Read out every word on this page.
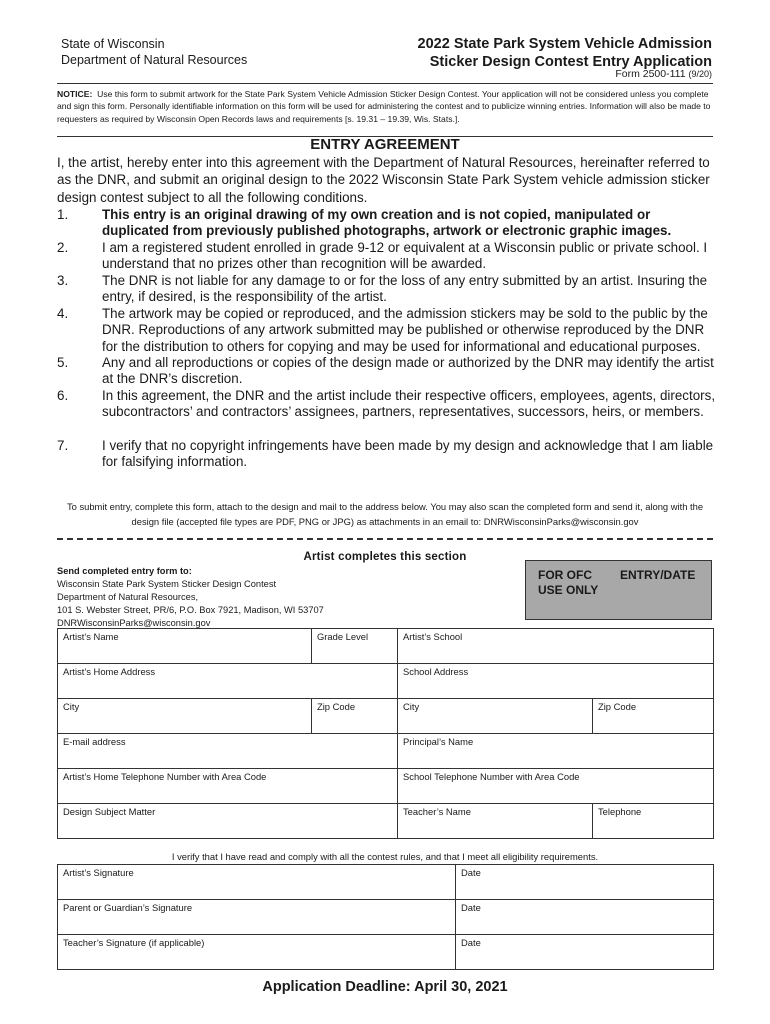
State of Wisconsin
Department of Natural Resources
2022 State Park System Vehicle Admission
Sticker Design Contest Entry Application
Form 2500-111 (9/20)
NOTICE: Use this form to submit artwork for the State Park System Vehicle Admission Sticker Design Contest. Your application will not be considered unless you complete and sign this form. Personally identifiable information on this form will be used for administering the contest and to publicize winning entries. Information will also be made to requesters as required by Wisconsin Open Records laws and requirements [s. 19.31 – 19.39, Wis. Stats.].
ENTRY AGREEMENT
I, the artist, hereby enter into this agreement with the Department of Natural Resources, hereinafter referred to as the DNR, and submit an original design to the 2022 Wisconsin State Park System vehicle admission sticker design contest subject to all the following conditions.
1.	This entry is an original drawing of my own creation and is not copied, manipulated or duplicated from previously published photographs, artwork or electronic graphic images.
2.	I am a registered student enrolled in grade 9-12 or equivalent at a Wisconsin public or private school. I understand that no prizes other than recognition will be awarded.
3.	The DNR is not liable for any damage to or for the loss of any entry submitted by an artist. Insuring the entry, if desired, is the responsibility of the artist.
4.	The artwork may be copied or reproduced, and the admission stickers may be sold to the public by the DNR. Reproductions of any artwork submitted may be published or otherwise reproduced by the DNR for the distribution to others for copying and may be used for informational and educational purposes.
5.	Any and all reproductions or copies of the design made or authorized by the DNR may identify the artist at the DNR’s discretion.
6.	In this agreement, the DNR and the artist include their respective officers, employees, agents, directors, subcontractors’ and contractors’ assignees, partners, representatives, successors, heirs, or members.
7.	I verify that no copyright infringements have been made by my design and acknowledge that I am liable for falsifying information.
To submit entry, complete this form, attach to the design and mail to the address below. You may also scan the completed form and send it, along with the design file (accepted file types are PDF, PNG or JPG) as attachments in an email to: DNRWisconsinParks@wisconsin.gov
Artist completes this section
Send completed entry form to:
Wisconsin State Park System Sticker Design Contest
Department of Natural Resources,
101 S. Webster Street, PR/6, P.O. Box 7921, Madison, WI 53707
DNRWisconsinParks@wisconsin.gov
FOR OFC
USE ONLY
ENTRY/DATE
Artist’s Name	Grade Level	Artist’s School	
Artist’s Home Address		School Address	
City	Zip Code	City	Zip Code
E-mail address		Principal’s Name	
Artist’s Home Telephone Number with Area Code		School Telephone Number with Area Code	
Design Subject Matter		Teacher’s Name	Telephone
I verify that I have read and comply with all the contest rules, and that I meet all eligibility requirements.
Artist’s Signature	Date
Parent or Guardian’s Signature	Date
Teacher’s Signature (if applicable)	Date
Application Deadline: April 30, 2021
